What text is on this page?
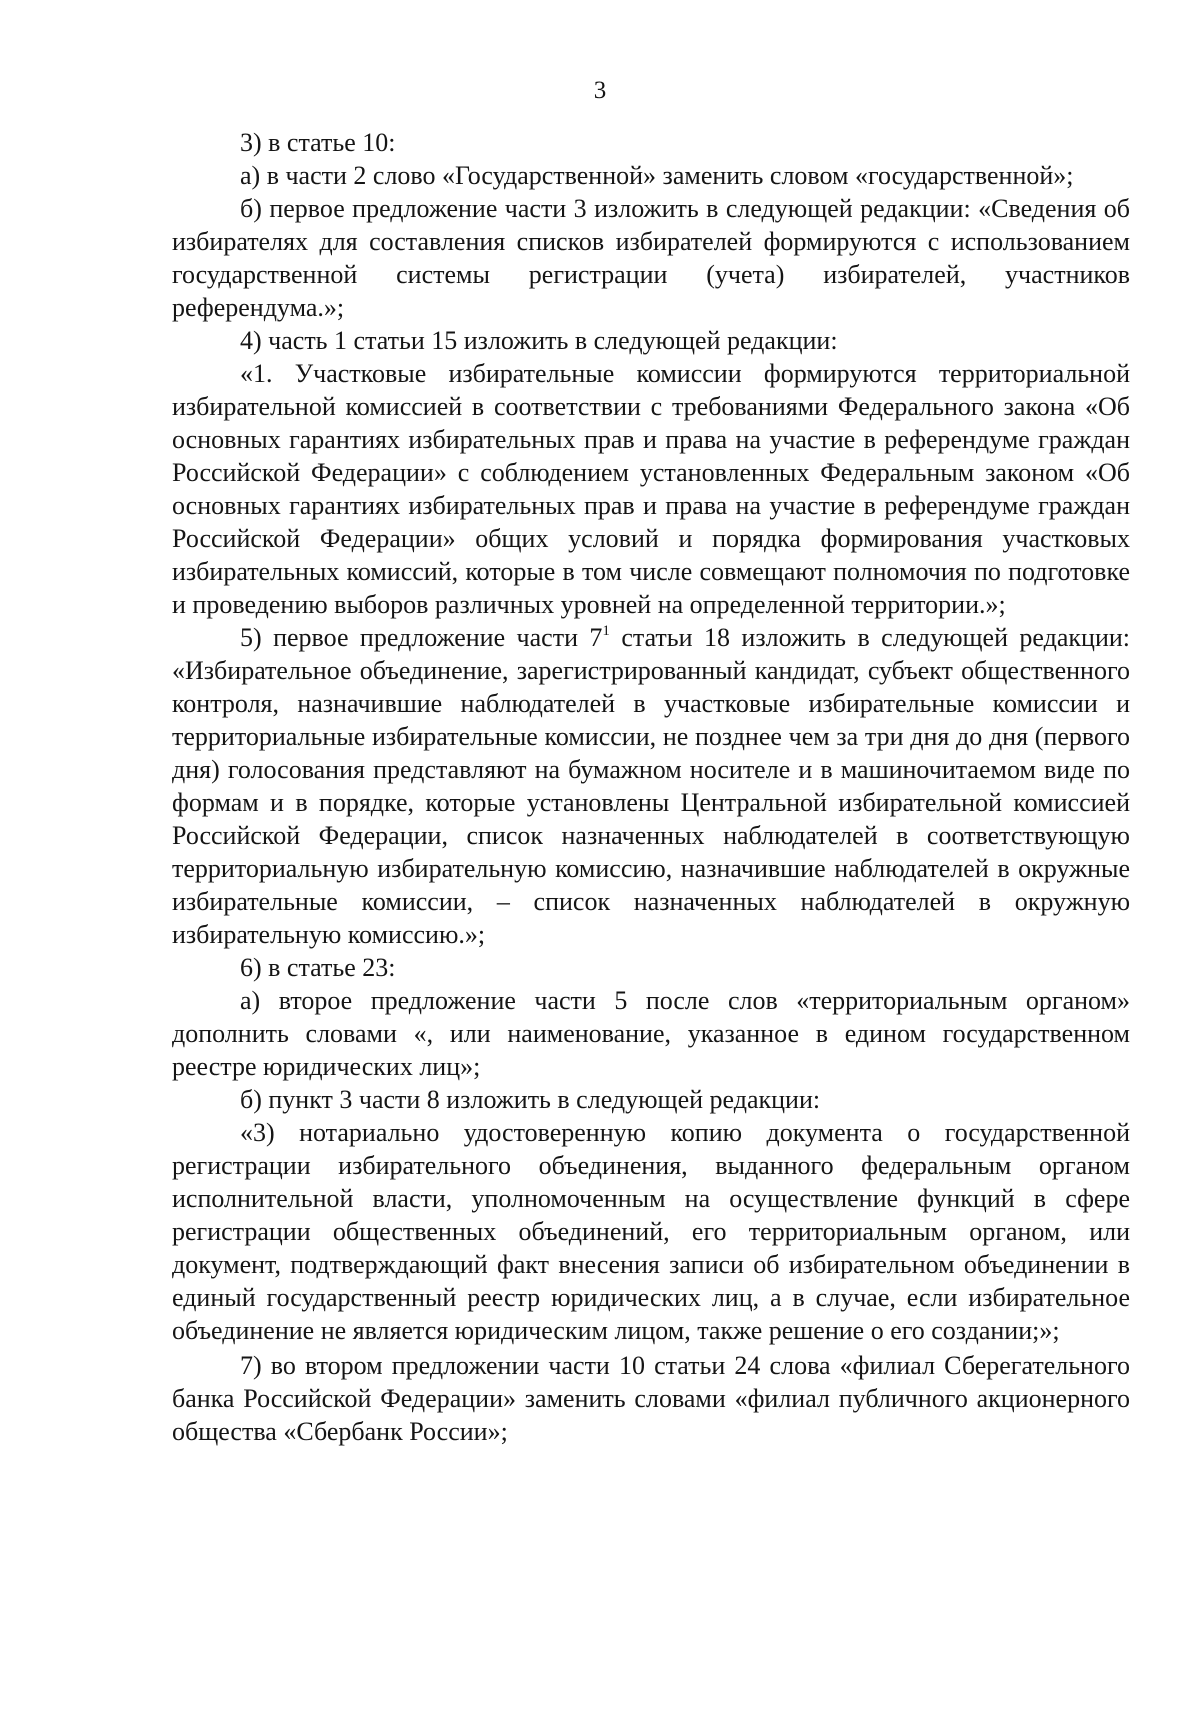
3

3) в статье 10:

а) в части 2 слово «Государственной» заменить словом «государственной»;

б) первое предложение части 3 изложить в следующей редакции: «Сведения об избирателях для составления списков избирателей формируются с использованием государственной системы регистрации (учета) избирателей, участников референдума.»;

4) часть 1 статьи 15 изложить в следующей редакции:

«1. Участковые избирательные комиссии формируются территориальной избирательной комиссией в соответствии с требованиями Федерального закона «Об основных гарантиях избирательных прав и права на участие в референдуме граждан Российской Федерации» с соблюдением установленных Федеральным законом «Об основных гарантиях избирательных прав и права на участие в референдуме граждан Российской Федерации» общих условий и порядка формирования участковых избирательных комиссий, которые в том числе совмещают полномочия по подготовке и проведению выборов различных уровней на определенной территории.»;

5) первое предложение части $7^1$ статьи 18 изложить в следующей редакции: «Избирательное объединение, зарегистрированный кандидат, субъект общественного контроля, назначившие наблюдателей в участковые избирательные комиссии и территориальные избирательные комиссии, не позднее чем за три дня до дня (первого дня) голосования представляют на бумажном носителе и в машиночитаемом виде по формам и в порядке, которые установлены Центральной избирательной комиссией Российской Федерации, список назначенных наблюдателей в соответствующую территориальную избирательную комиссию, назначившие наблюдателей в окружные избирательные комиссии, – список назначенных наблюдателей в окружную избирательную комиссию.»;

6) в статье 23:

а) второе предложение части 5 после слов «территориальным органом» дополнить словами «, или наименование, указанное в едином государственном реестре юридических лиц»;

б) пункт 3 части 8 изложить в следующей редакции:

«3) нотариально удостоверенную копию документа о государственной регистрации избирательного объединения, выданного федеральным органом исполнительной власти, уполномоченным на осуществление функций в сфере регистрации общественных объединений, его территориальным органом, или документ, подтверждающий факт внесения записи об избирательном объединении в единый государственный реестр юридических лиц, а в случае, если избирательное объединение не является юридическим лицом, также решение о его создании;»;

7) во втором предложении части 10 статьи 24 слова «филиал Сберегательного банка Российской Федерации» заменить словами «филиал публичного акционерного общества «Сбербанк России»;
